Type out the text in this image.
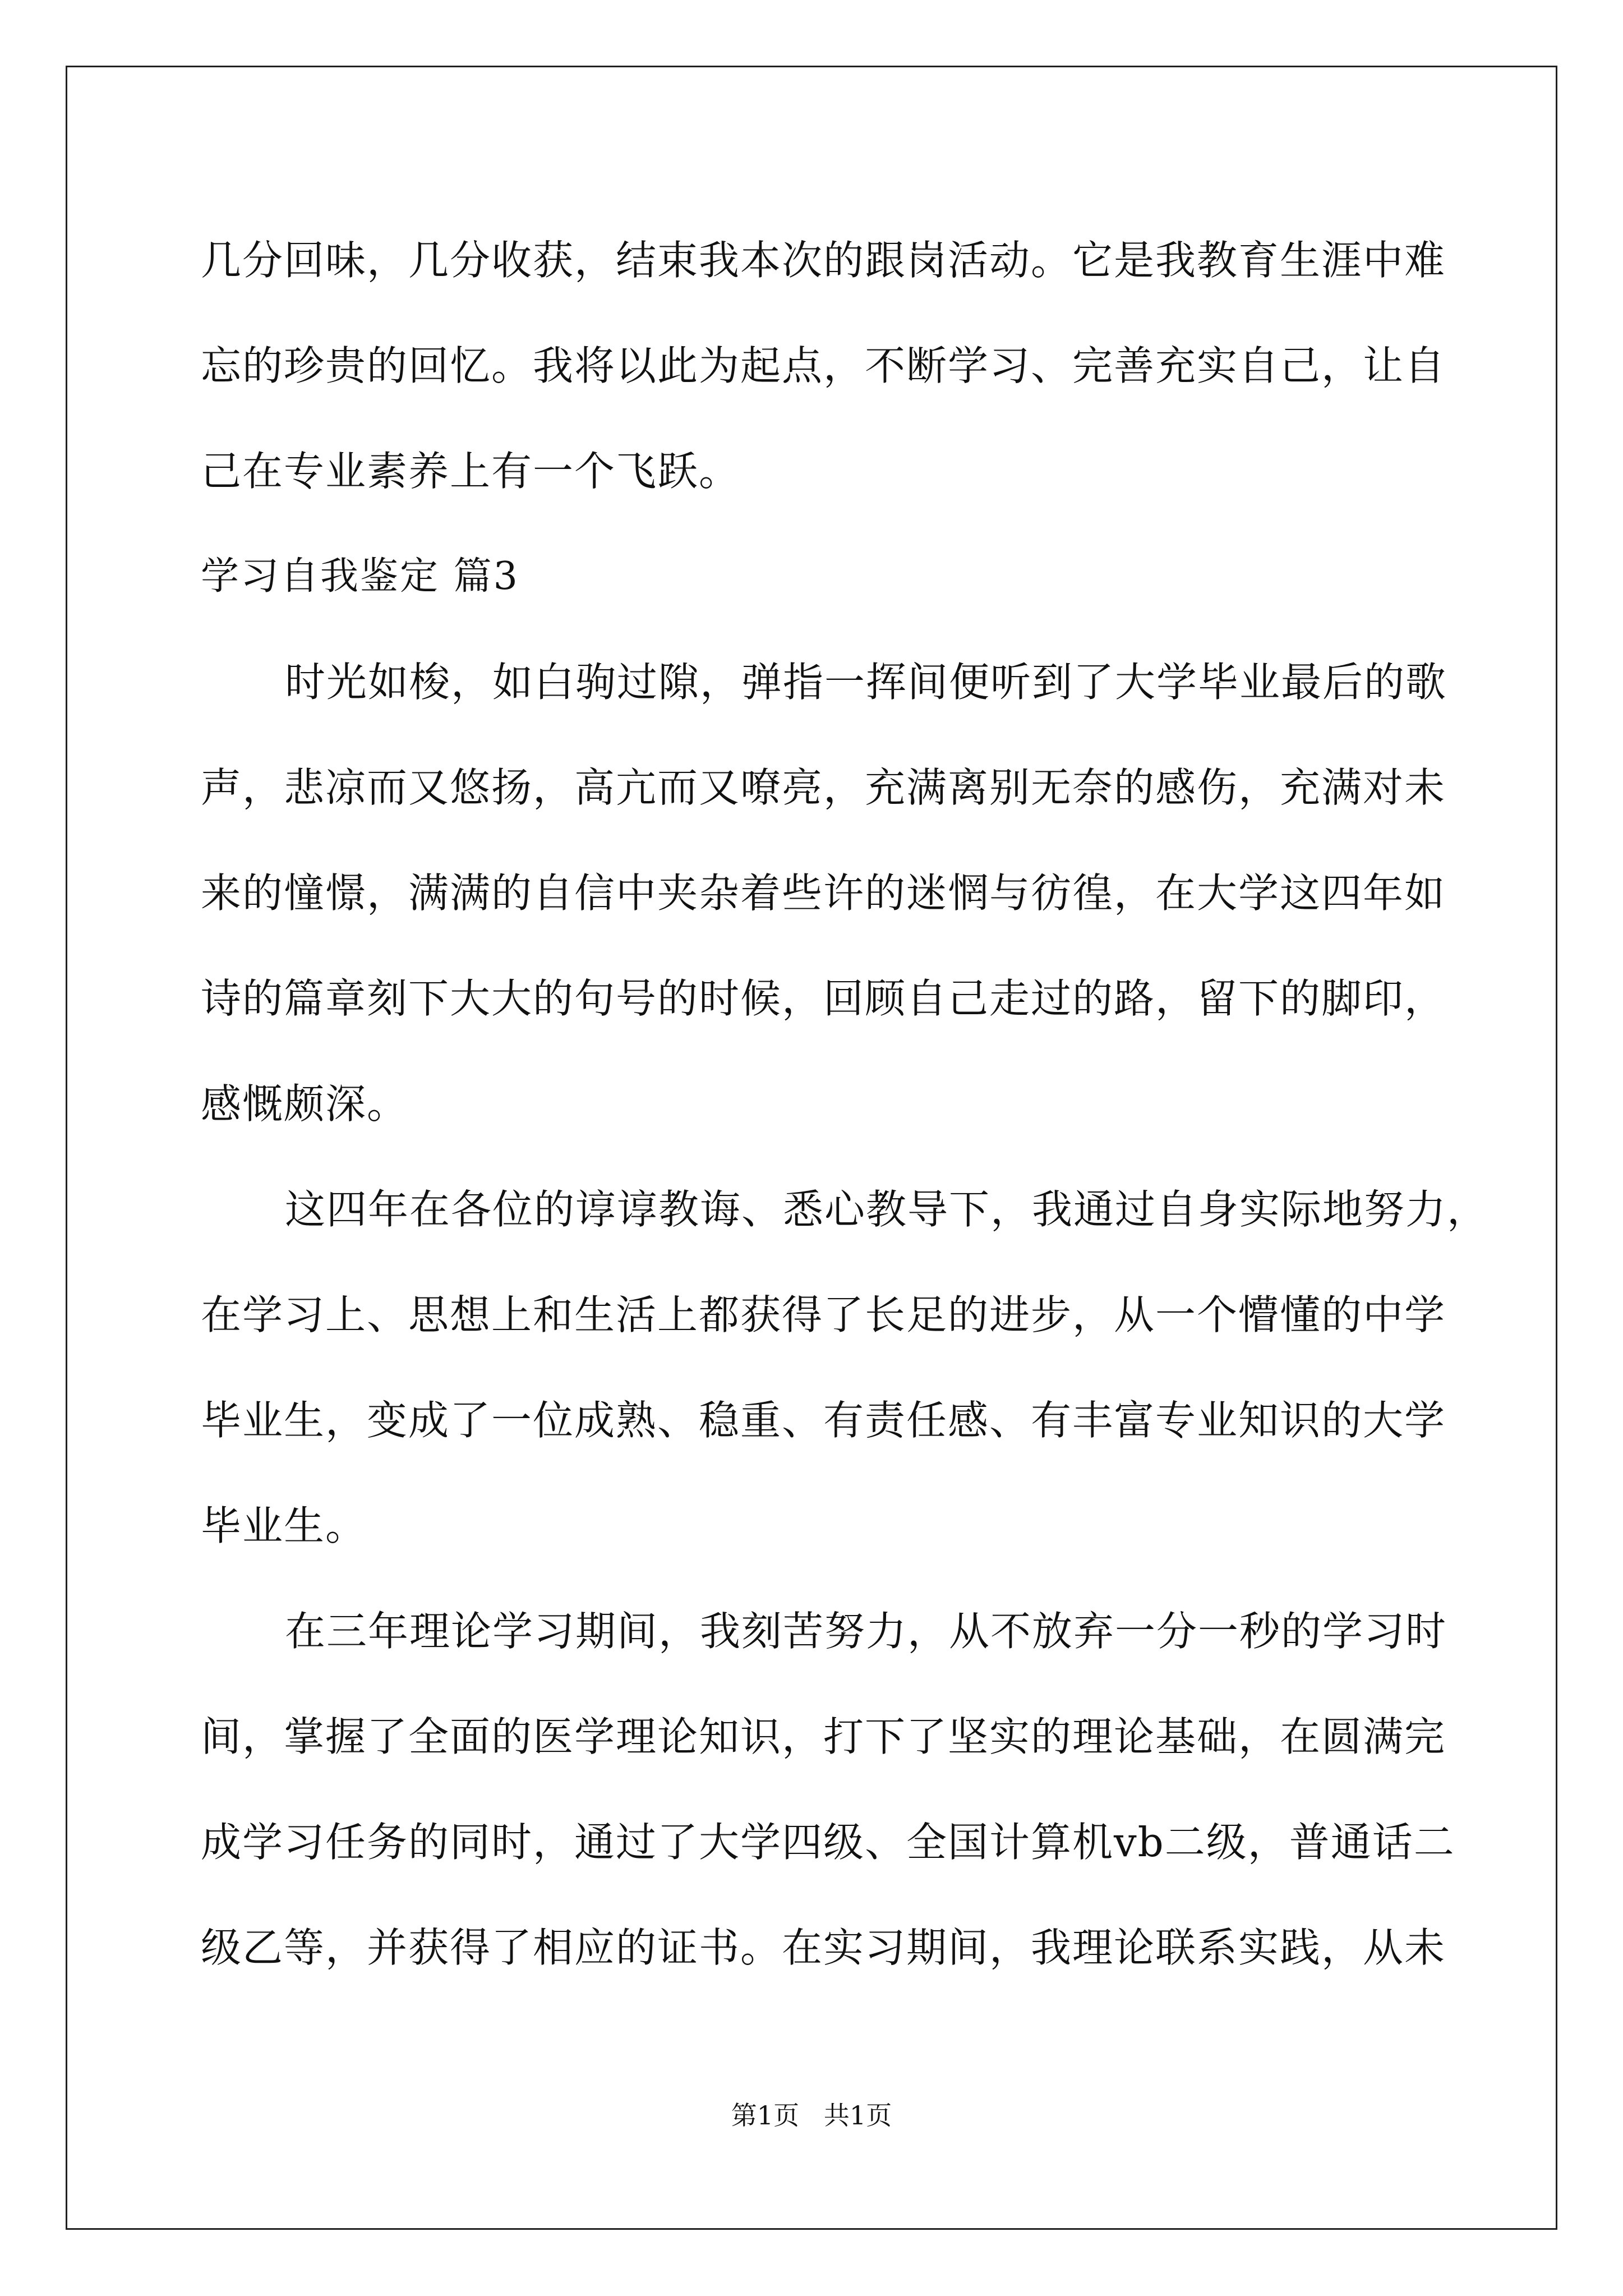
几分回味，几分收获，结束我本次的跟岗活动。它是我教育生涯中难
忘的珍贵的回忆。我将以此为起点，不断学习、完善充实自己，让自
己在专业素养上有一个飞跃。
学习自我鉴定 篇3
时光如梭，如白驹过隙，弹指一挥间便听到了大学毕业最后的歌
声，悲凉而又悠扬，高亢而又嘹亮，充满离别无奈的感伤，充满对未
来的憧憬，满满的自信中夹杂着些许的迷惘与彷徨，在大学这四年如
诗的篇章刻下大大的句号的时候，回顾自己走过的路，留下的脚印，
感慨颇深。
这四年在各位的谆谆教诲、悉心教导下，我通过自身实际地努力，
在学习上、思想上和生活上都获得了长足的进步，从一个懵懂的中学
毕业生，变成了一位成熟、稳重、有责任感、有丰富专业知识的大学
毕业生。
在三年理论学习期间，我刻苦努力，从不放弃一分一秒的学习时
间，掌握了全面的医学理论知识，打下了坚实的理论基础，在圆满完
成学习任务的同时，通过了大学四级、全国计算机vb二级，普通话二
级乙等，并获得了相应的证书。在实习期间，我理论联系实践，从未
第1页   共1页
